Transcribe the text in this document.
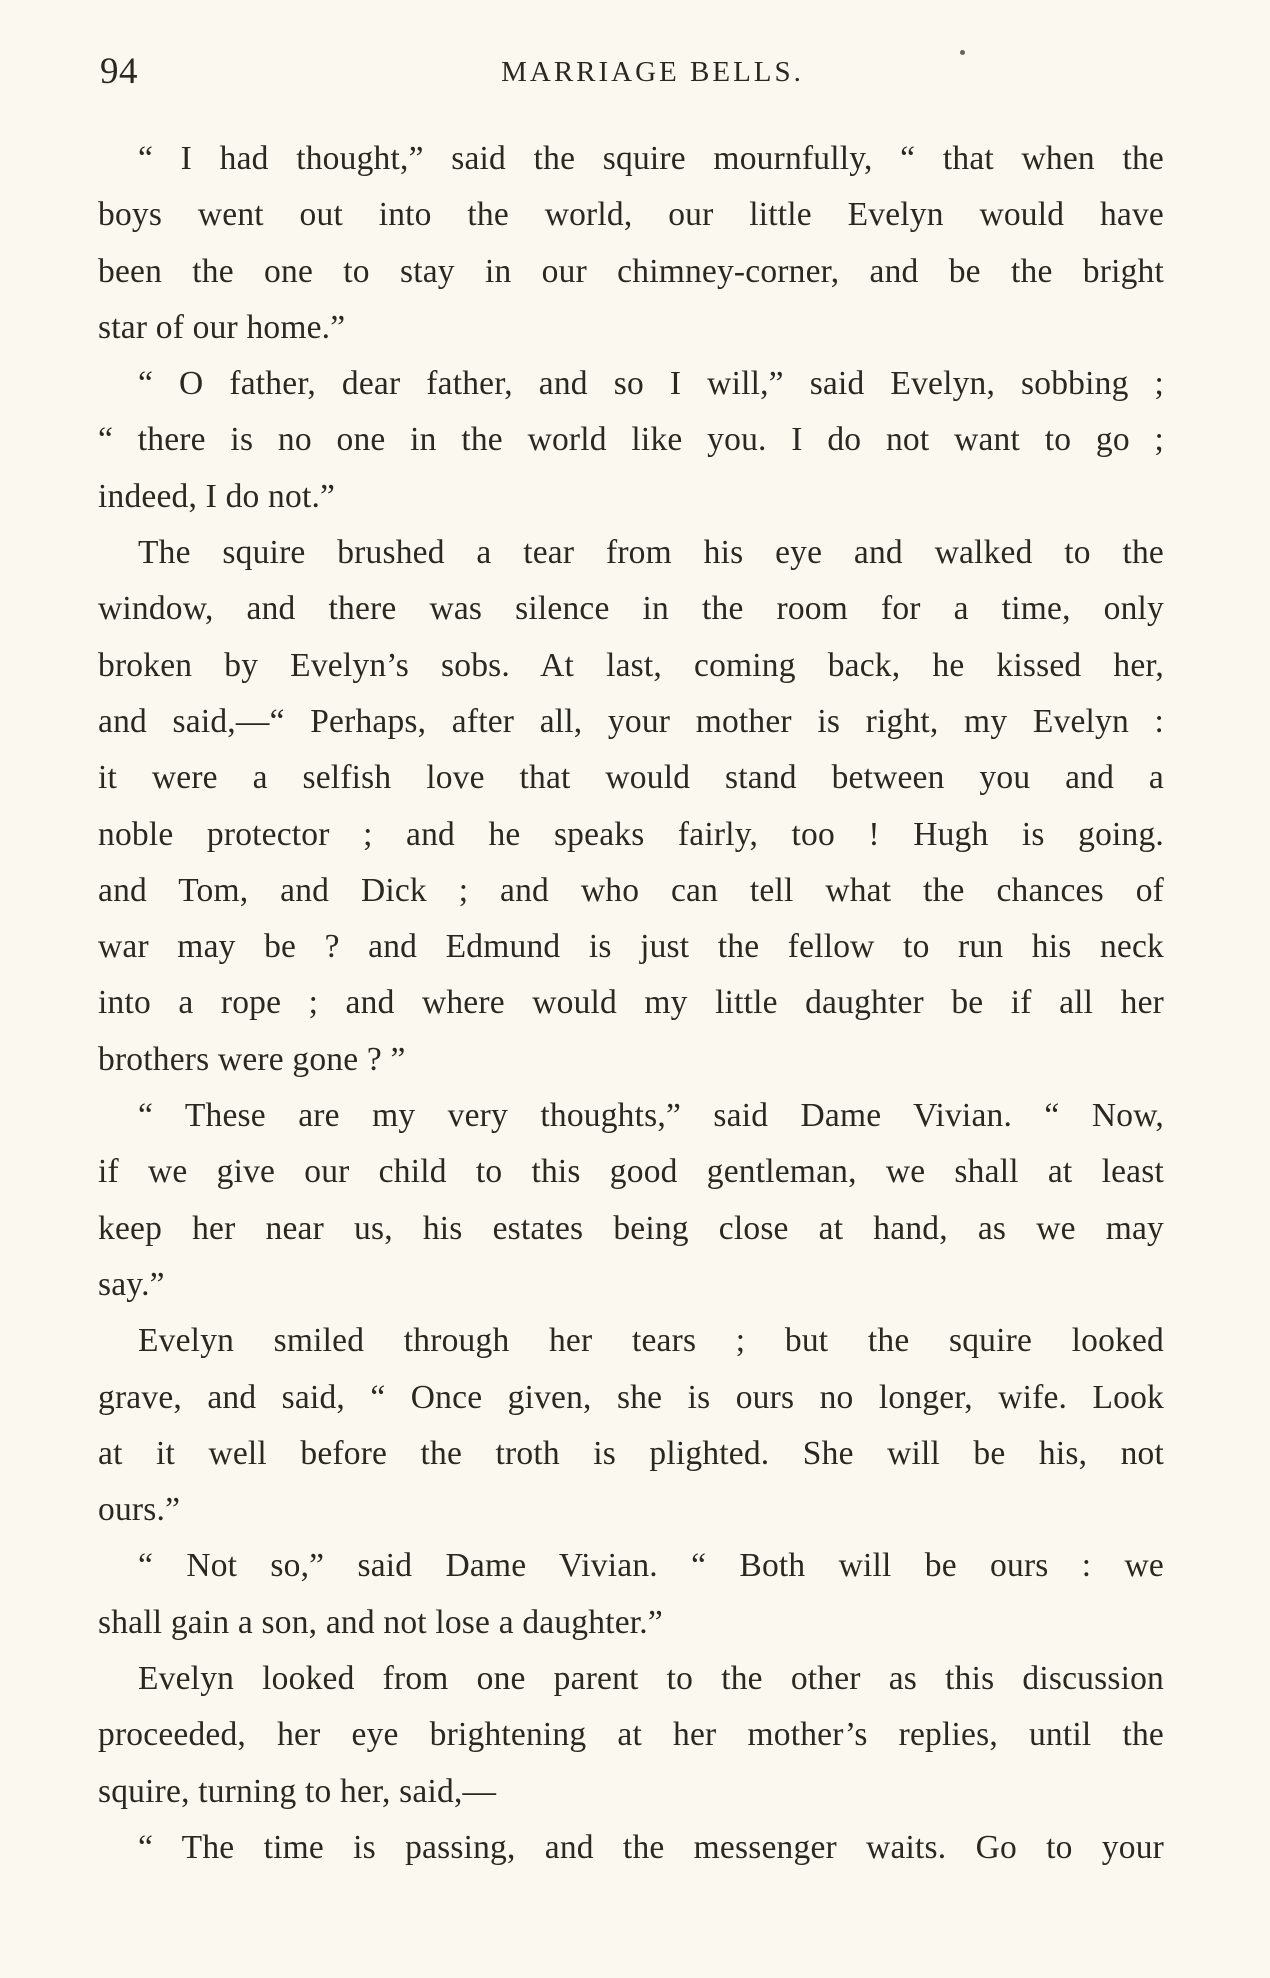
94	MARRIAGE BELLS.
“ I had thought,” said the squire mournfully, “ that when the
boys went out into the world, our little Evelyn would have
been the one to stay in our chimney-corner, and be the bright
star of our home.”
“ O father, dear father, and so I will,” said Evelyn, sobbing ;
“ there is no one in the world like you. I do not want to go ;
indeed, I do not.”
The squire brushed a tear from his eye and walked to the
window, and there was silence in the room for a time, only
broken by Evelyn’s sobs. At last, coming back, he kissed her,
and said,—“ Perhaps, after all, your mother is right, my Evelyn :
it were a selfish love that would stand between you and a
noble protector ; and he speaks fairly, too ! Hugh is going.
and Tom, and Dick ; and who can tell what the chances of
war may be ? and Edmund is just the fellow to run his neck
into a rope ; and where would my little daughter be if all her
brothers were gone ? ”
“ These are my very thoughts,” said Dame Vivian. “ Now,
if we give our child to this good gentleman, we shall at least
keep her near us, his estates being close at hand, as we may
say.”
Evelyn smiled through her tears ; but the squire looked
grave, and said, “ Once given, she is ours no longer, wife. Look
at it well before the troth is plighted. She will be his, not
ours.”
“ Not so,” said Dame Vivian. “ Both will be ours : we
shall gain a son, and not lose a daughter.”
Evelyn looked from one parent to the other as this discussion
proceeded, her eye brightening at her mother’s replies, until the
squire, turning to her, said,—
“ The time is passing, and the messenger waits. Go to your
